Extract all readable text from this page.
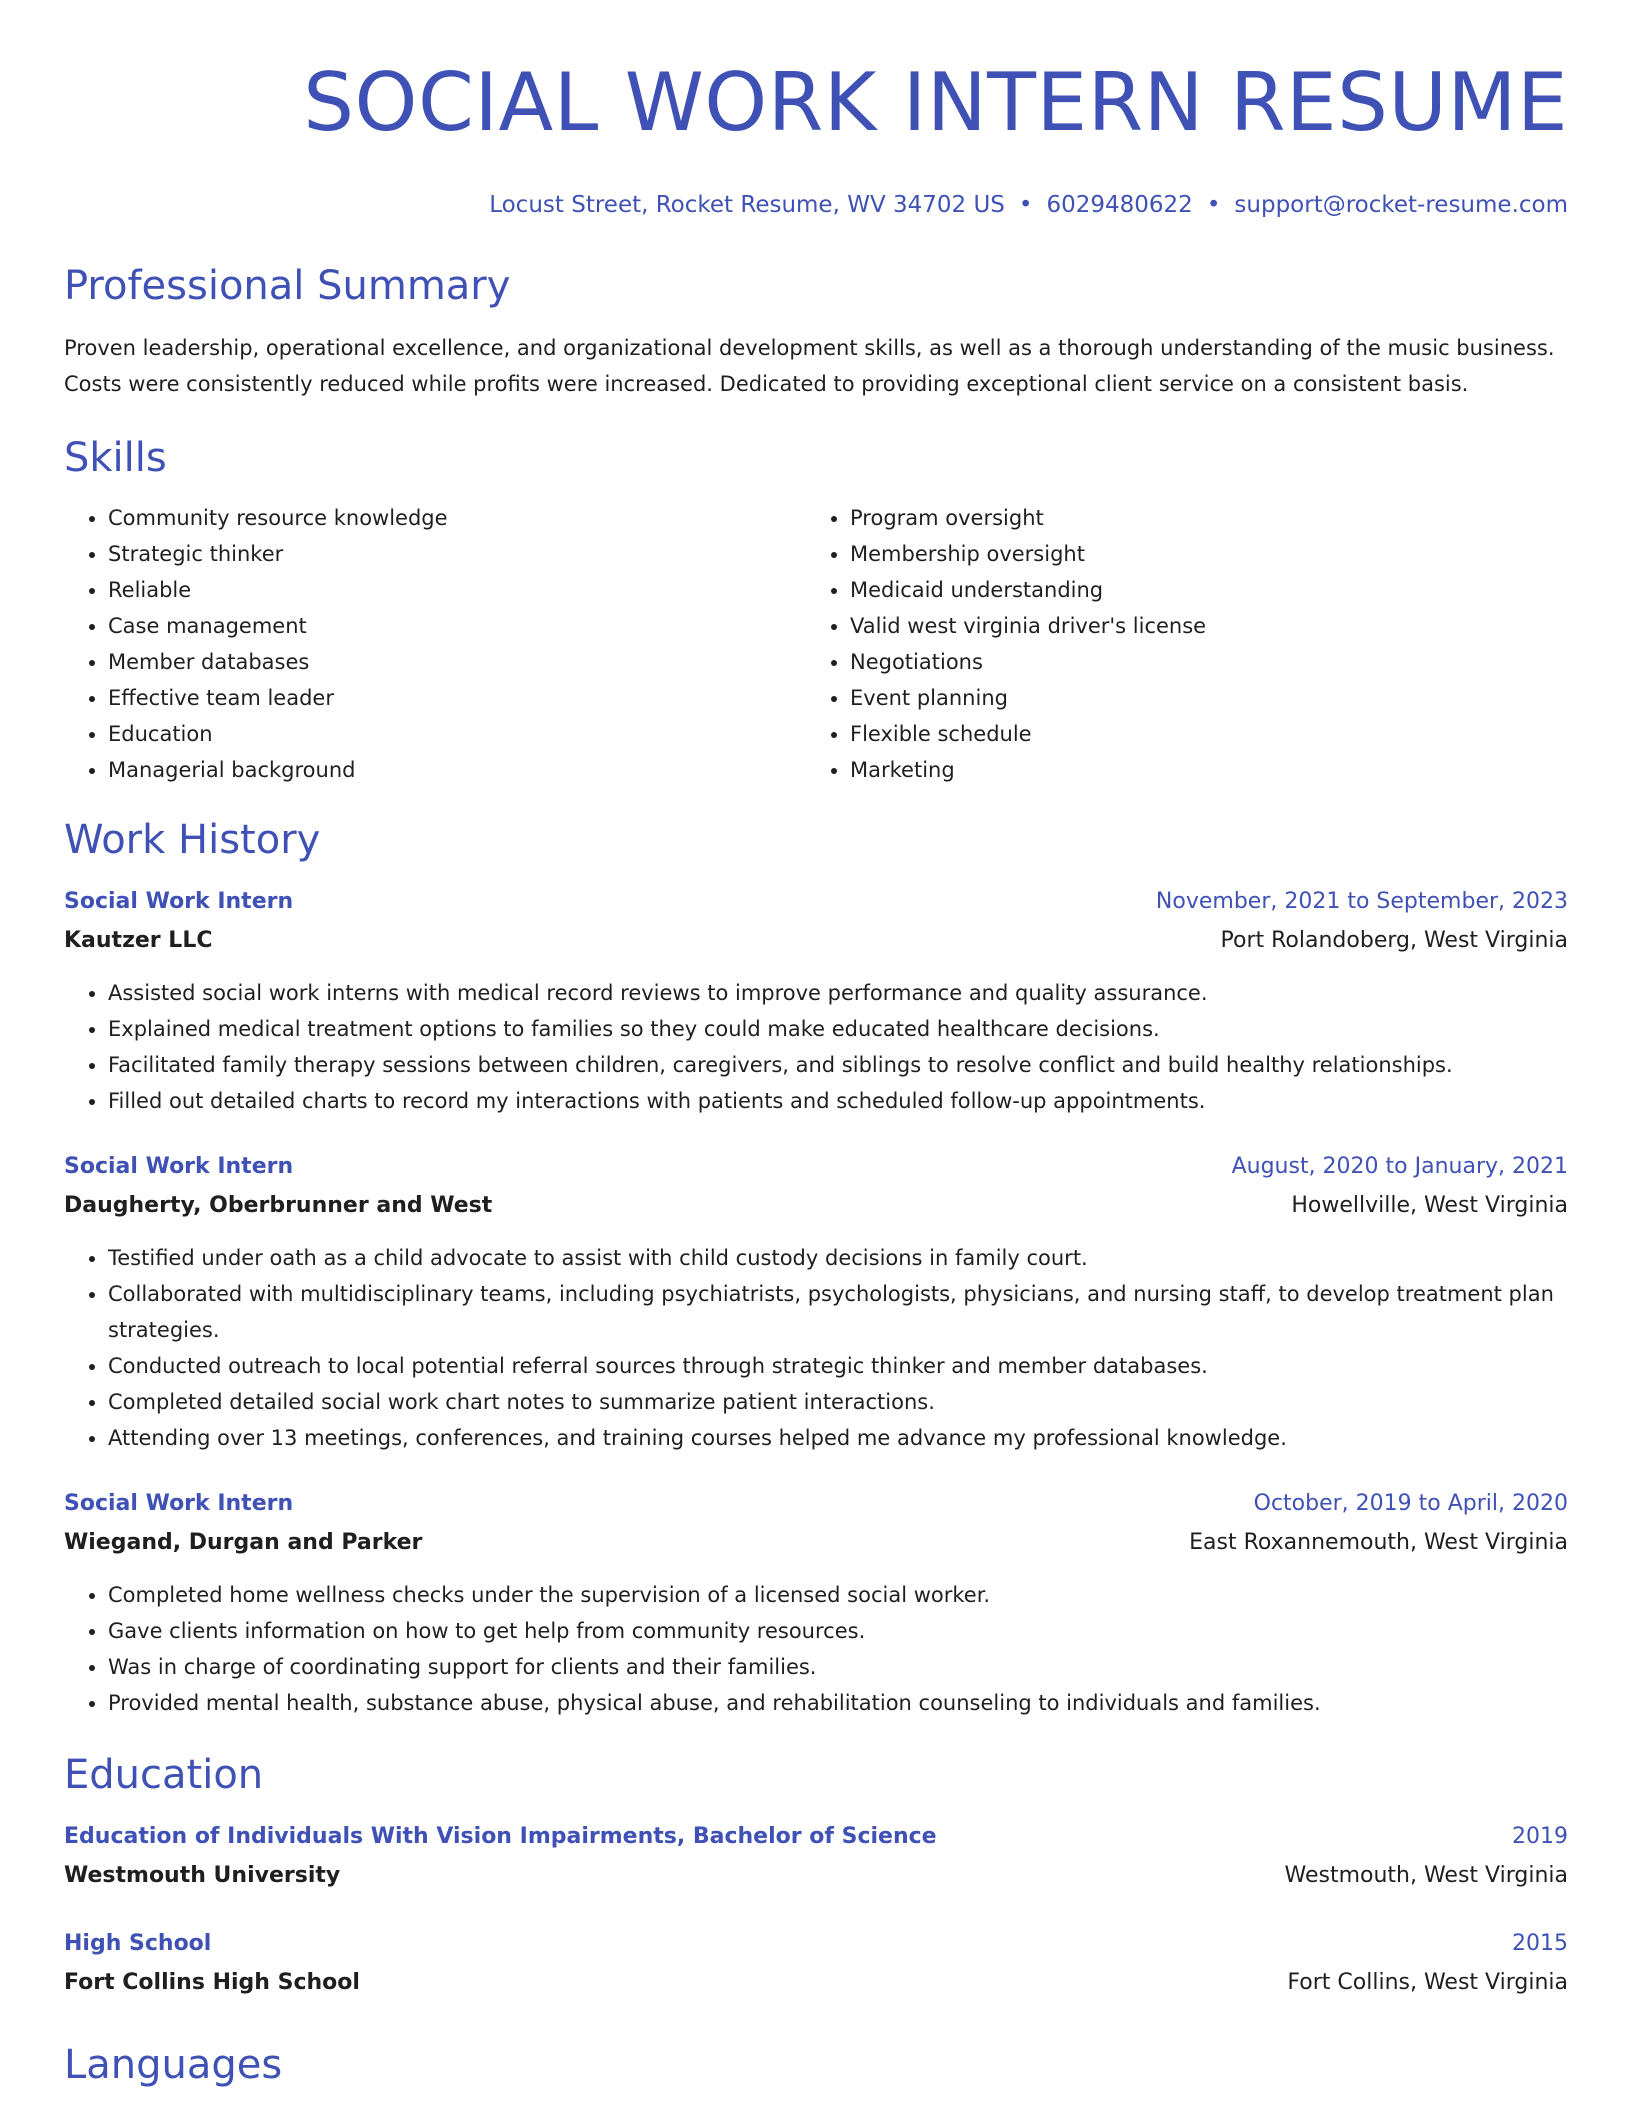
SOCIAL WORK INTERN RESUME
Locust Street, Rocket Resume, WV 34702 US • 6029480622 • support@rocket-resume.com
Professional Summary

Proven leadership, operational excellence, and organizational development skills, as well as a thorough understanding of the music business. Costs were consistently reduced while profits were increased. Dedicated to providing exceptional client service on a consistent basis.

Skills
• Community resource knowledge
• Strategic thinker
• Reliable
• Case management
• Member databases
• Effective team leader
• Education
• Managerial background
• Program oversight
• Membership oversight
• Medicaid understanding
• Valid west virginia driver's license
• Negotiations
• Event planning
• Flexible schedule
• Marketing
Work History
Social Work Intern	November, 2021 to September, 2023
Kautzer LLC	Port Rolandoberg, West Virginia
• Assisted social work interns with medical record reviews to improve performance and quality assurance.
• Explained medical treatment options to families so they could make educated healthcare decisions.
• Facilitated family therapy sessions between children, caregivers, and siblings to resolve conflict and build healthy relationships.
• Filled out detailed charts to record my interactions with patients and scheduled follow-up appointments.
Social Work Intern	August, 2020 to January, 2021
Daugherty, Oberbrunner and West	Howellville, West Virginia
• Testified under oath as a child advocate to assist with child custody decisions in family court.
• Collaborated with multidisciplinary teams, including psychiatrists, psychologists, physicians, and nursing staff, to develop treatment plan strategies.
• Conducted outreach to local potential referral sources through strategic thinker and member databases.
• Completed detailed social work chart notes to summarize patient interactions.
• Attending over 13 meetings, conferences, and training courses helped me advance my professional knowledge.
Social Work Intern	October, 2019 to April, 2020
Wiegand, Durgan and Parker	East Roxannemouth, West Virginia
• Completed home wellness checks under the supervision of a licensed social worker.
• Gave clients information on how to get help from community resources.
• Was in charge of coordinating support for clients and their families.
• Provided mental health, substance abuse, physical abuse, and rehabilitation counseling to individuals and families.
Education
Education of Individuals With Vision Impairments, Bachelor of Science	2019
Westmouth University	Westmouth, West Virginia
High School	2015
Fort Collins High School	Fort Collins, West Virginia
Languages
